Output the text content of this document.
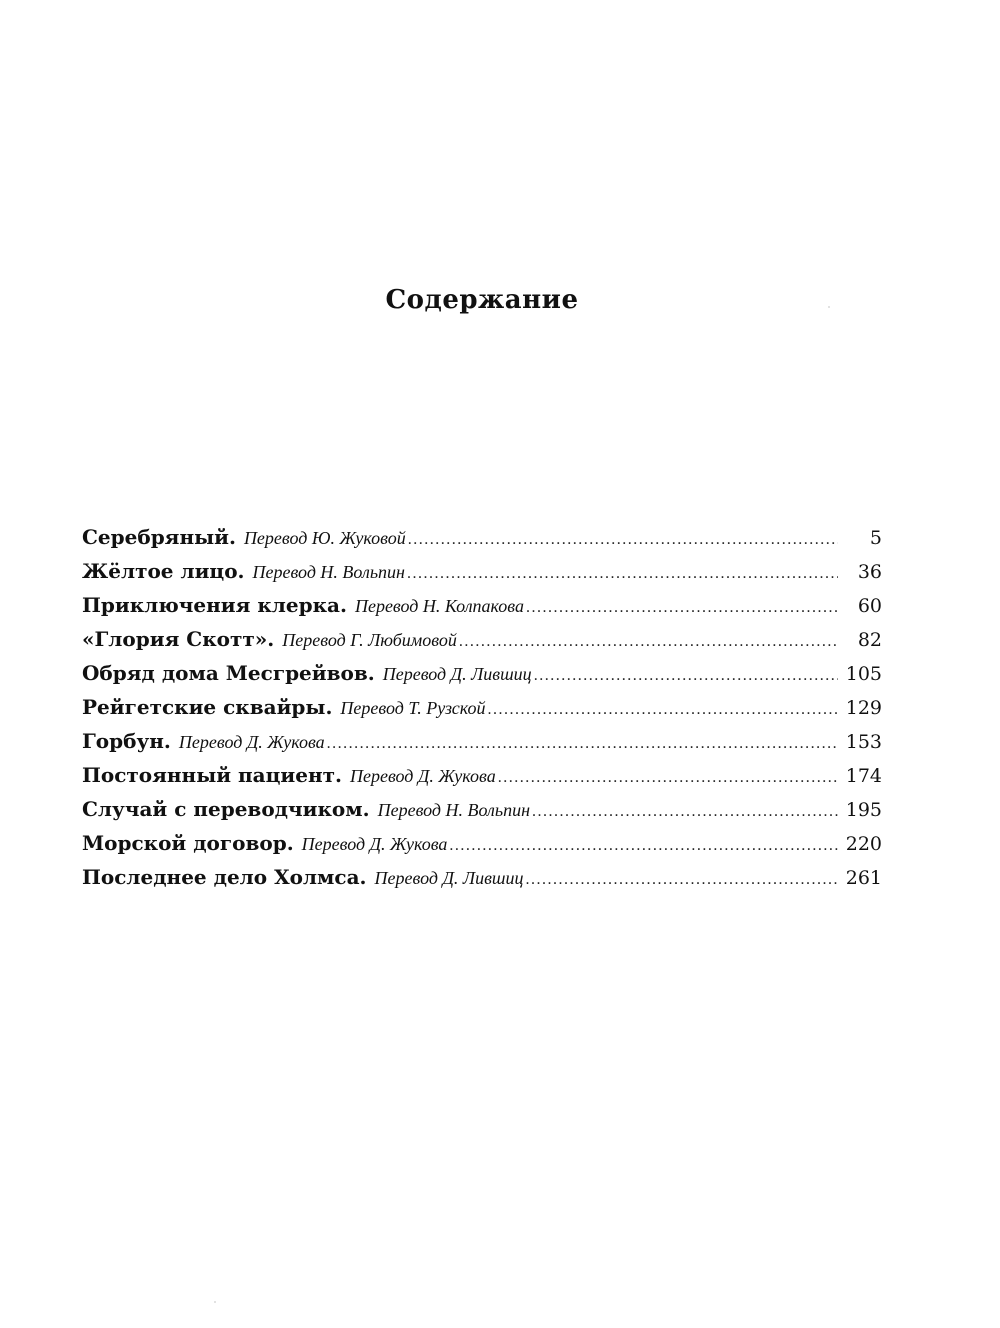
Содержание
Серебряный. Перевод Ю. Жуковой .....	5
Жёлтое лицо. Перевод Н. Вольпин .....	36
Приключения клерка. Перевод Н. Колпакова .....	60
«Глория Скотт». Перевод Г. Любимовой .....	82
Обряд дома Месгрейвов. Перевод Д. Лившиц .....	105
Рейгетские сквайры. Перевод Т. Рузской .....	129
Горбун. Перевод Д. Жукова .....	153
Постоянный пациент. Перевод Д. Жукова .....	174
Случай с переводчиком. Перевод Н. Вольпин .....	195
Морской договор. Перевод Д. Жукова .....	220
Последнее дело Холмса. Перевод Д. Лившиц .....	261
